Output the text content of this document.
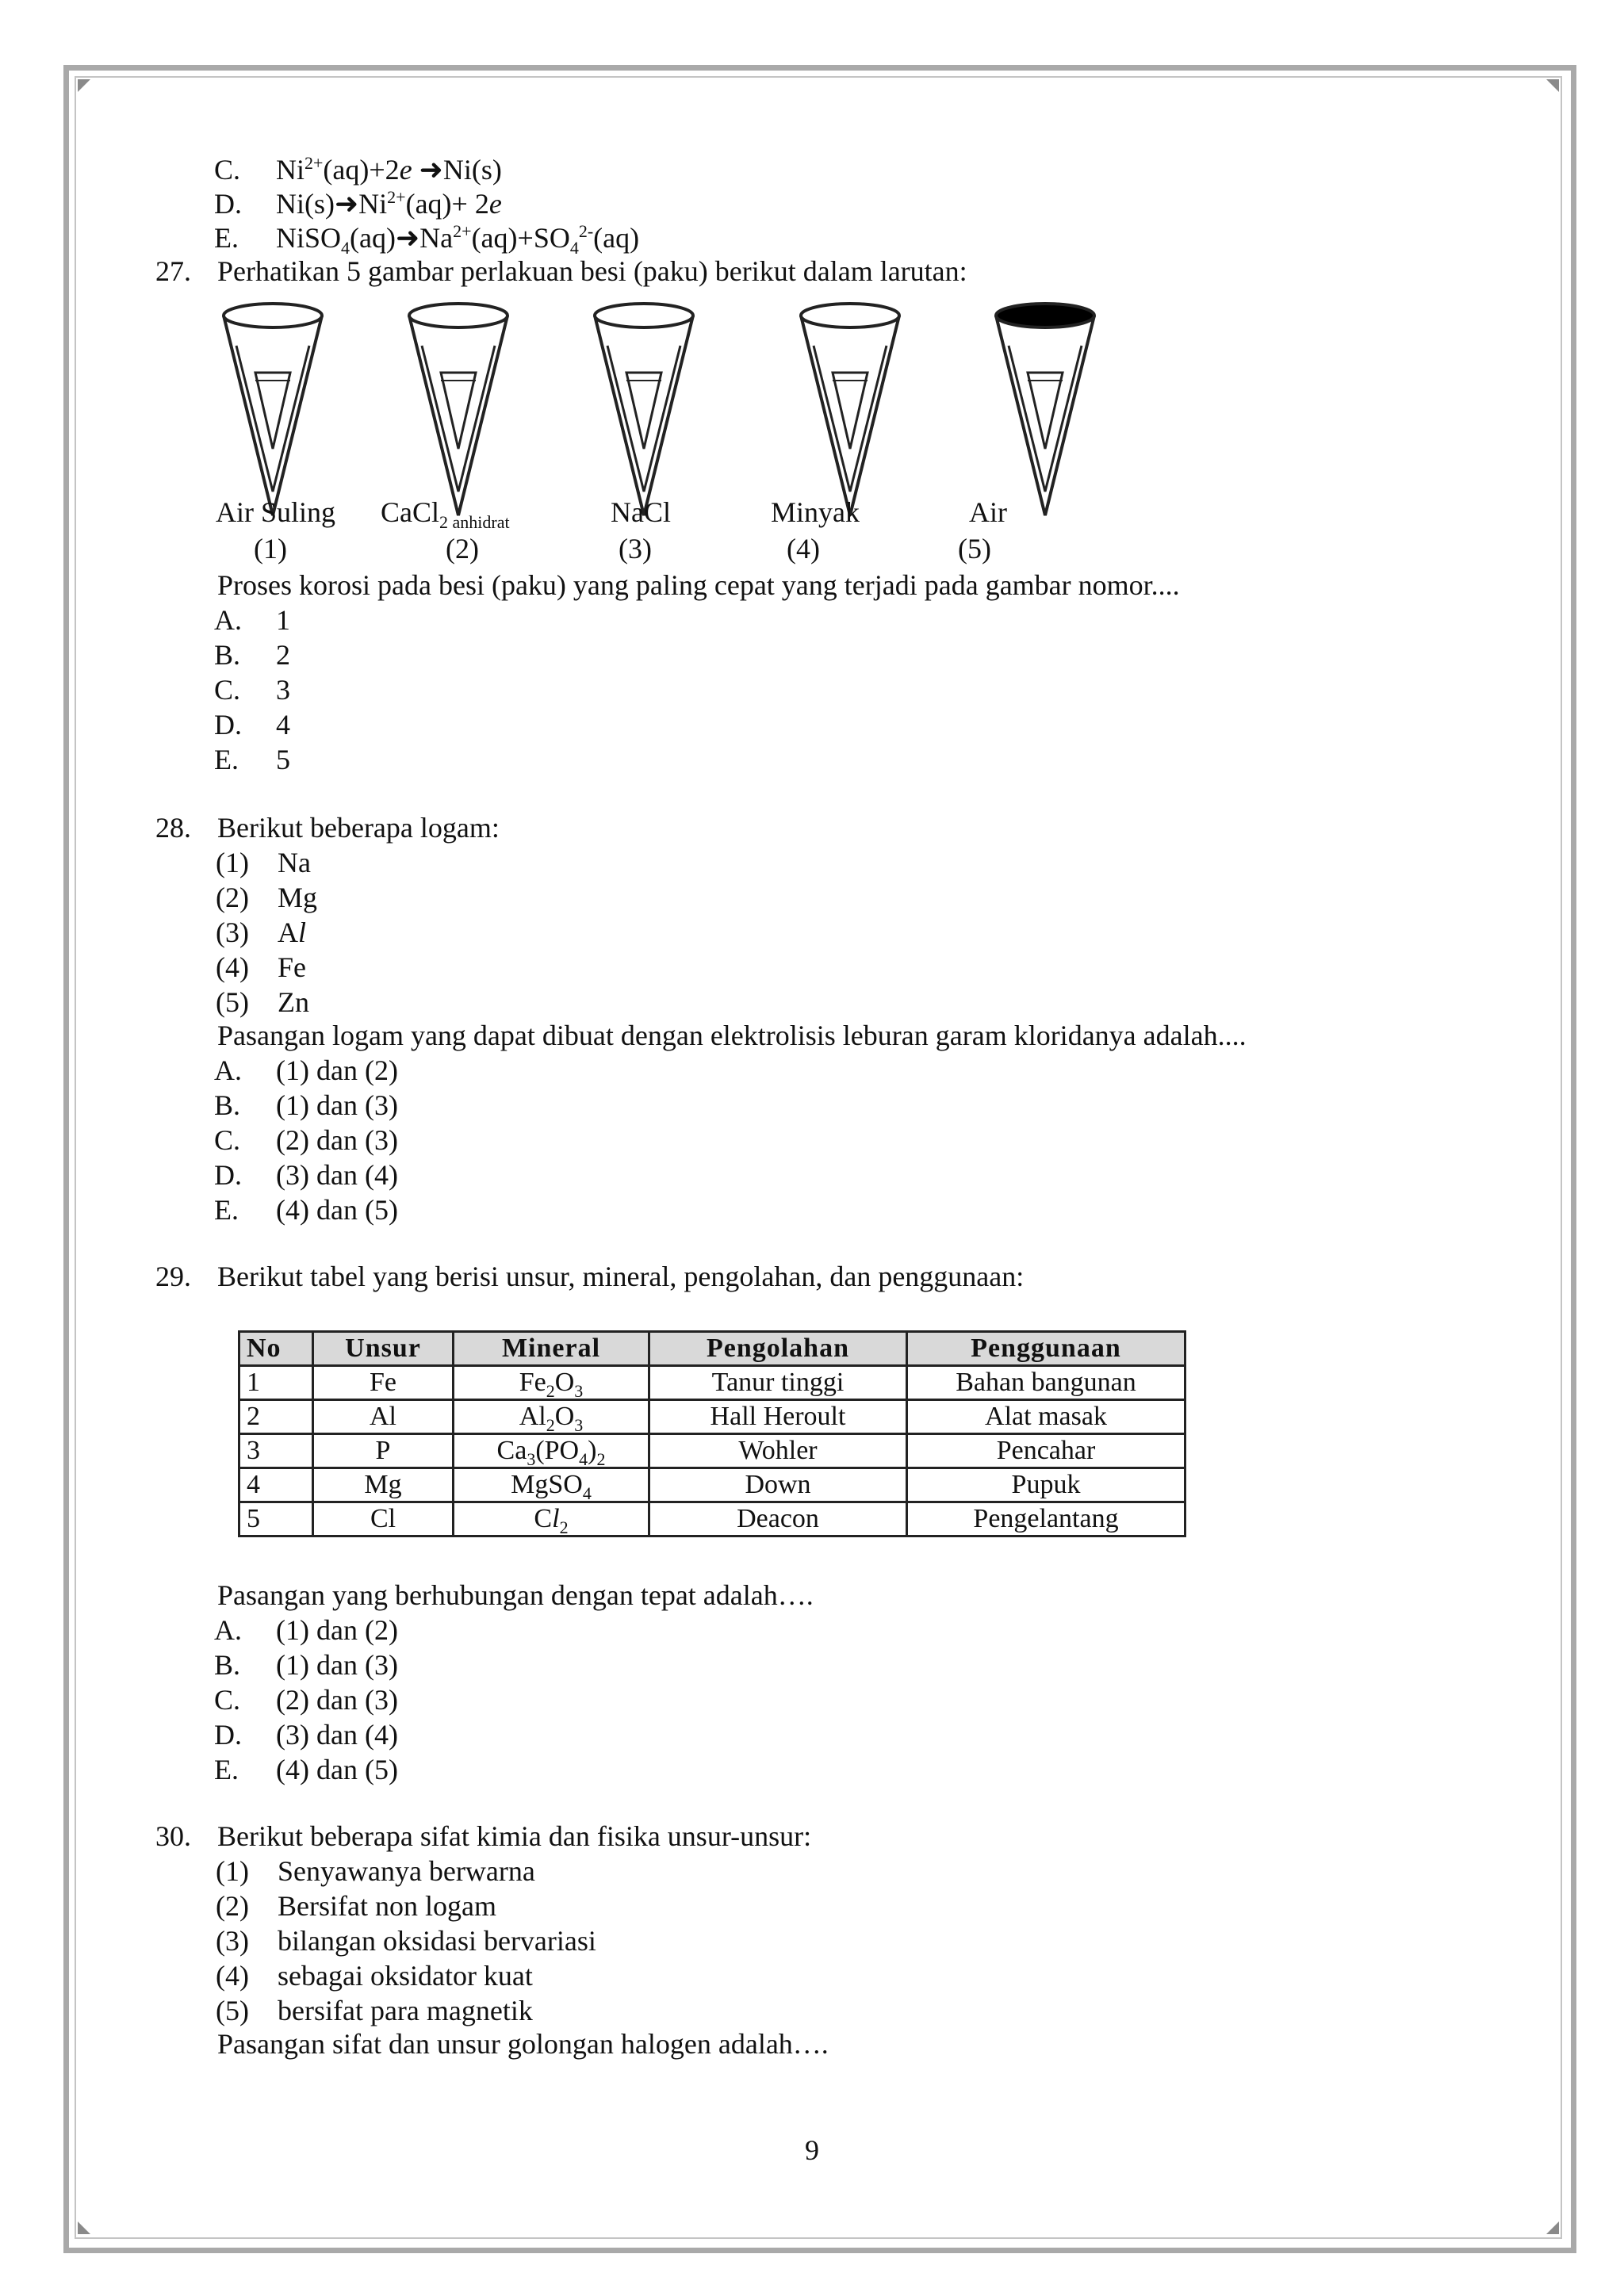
C. $Ni^{2+}(aq)+2e$ ➜Ni(s)
D. $Ni(s)➜Ni^{2+}(aq)+ 2e$
E. $NiSO_4(aq)➜Na^{2+}(aq)+SO_4^{2-}(aq)$
27. Perhatikan 5 gambar perlakuan besi (paku) berikut dalam larutan:
Air Suling
(1)
CaCl$_{2 anhidrat}$
(2)
NaCl
(3)
Minyak
(4)
Air
(5)
Proses korosi pada besi (paku) yang paling cepat yang terjadi pada gambar nomor....
A. 1
B. 2
C. 3
D. 4
E. 5
28. Berikut beberapa logam:
(1) Na
(2) Mg
(3) Al
(4) Fe
(5) Zn
Pasangan logam yang dapat dibuat dengan elektrolisis leburan garam kloridanya adalah....
A. (1) dan (2)
B. (1) dan (3)
C. (2) dan (3)
D. (3) dan (4)
E. (4) dan (5)
29. Berikut tabel yang berisi unsur, mineral, pengolahan, dan penggunaan:
No	Unsur	Mineral	Pengolahan	Penggunaan
1	Fe	$Fe_2O_3$	Tanur tinggi	Bahan bangunan
2	Al	$Al_2O_3$	Hall Heroult	Alat masak
3	P	$Ca_3(PO_4)_2$	Wohler	Pencahar
4	Mg	MgSO$_4$	Down	Pupuk
5	Cl	$Cl_2$	Deacon	Pengelantang
Pasangan yang berhubungan dengan tepat adalah….
A. (1) dan (2)
B. (1) dan (3)
C. (2) dan (3)
D. (3) dan (4)
E. (4) dan (5)
30. Berikut beberapa sifat kimia dan fisika unsur-unsur:
(1) Senyawanya berwarna
(2) Bersifat non logam
(3) bilangan oksidasi bervariasi
(4) sebagai oksidator kuat
(5) bersifat para magnetik
Pasangan sifat dan unsur golongan halogen adalah….
9
